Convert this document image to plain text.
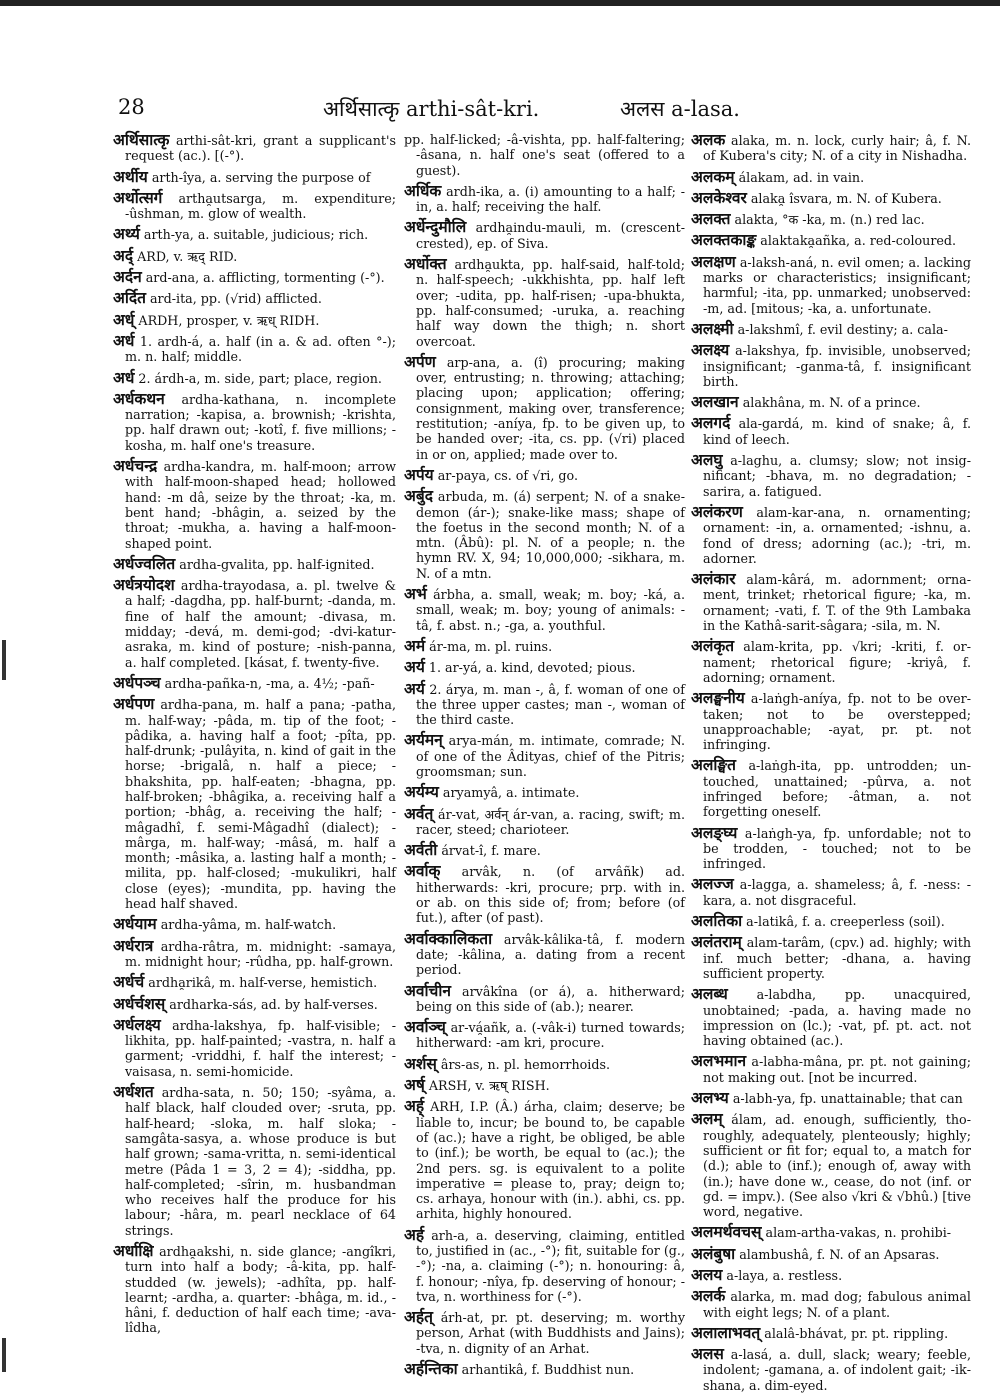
28	अर्थिसात्कृ arthi-sât-kri.	अलस a-lasa.

अर्थिसात्कृ arthi-sât-kri, grant a supplicant's request (ac.). [(-°).

अर्थीय arth-îya, a. serving the purpose of

अर्थोत्सर्ग artha̯utsarga, m. expenditure; -ûshman, m. glow of wealth.

अर्थ्य arth-ya, a. suitable, judicious; rich.

अर्द् ARD, v. ऋद् RID.

अर्दन ard-ana, a. afflicting, tormenting (-°).

अर्दित ard-ita, pp. (√rid) afflicted.

अर्ध् ARDH, prosper, v. ऋध् RIDH.

अर्ध 1. ardh-á, a. half (in a. & ad. often °-); m. n. half; middle.

अर्ध 2. árdh-a, m. side, part; place, region.

अर्धकथन ardha-kathana, n. incomplete narration; -kapisa, a. brownish; -krishta, pp. half drawn out; -kotî, f. five millions; -kosha, m. half one's treasure.

अर्धचन्द्र ardha-kandra, m. half-moon; arrow with half-moon-shaped head; hollowed hand: -m dâ, seize by the throat; -ka, m. bent hand; -bhâgin, a. seized by the throat; -mukha, a. having a half-moon-shaped point.

अर्धज्वलित ardha-gvalita, pp. half-ignited.

अर्धत्रयोदश ardha-trayodasa, a. pl. twelve & a half; -dagdha, pp. half-burnt; -danda, m. fine of half the amount; -divasa, m. midday; -devá, m. demi-god; -dvi-katur-asraka, m. kind of posture; -nish-panna, a. half completed. [kásat, f. twenty-five.

अर्धपञ्च ardha-pañka-n, -ma, a. 4½; -pañ-

अर्धपण ardha-pana, m. half a pana; -patha, m. half-way; -pâda, m. tip of the foot; -pâdika, a. having half a foot; -pîta, pp. half-drunk; -pulâyita, n. kind of gait in the horse; -brigalâ, n. half a piece; -bhakshita, pp. half-eaten; -bhagna, pp. half-broken; -bhâgika, a. receiving half a portion; -bhâg, a. receiving the half; -mâgadhî, f. semi-Mâgadhî (dialect); -mârga, m. half-way; -mâsá, m. half a month; -mâsika, a. lasting half a month; -milita, pp. half-closed; -mukulikri, half close (eyes); -mundita, pp. having the head half shaved.

अर्धयाम ardha-yâma, m. half-watch.

अर्धरात्र ardha-râtra, m. midnight: -samaya, m. midnight hour; -rûdha, pp. half-grown.

अर्धर्च ardha̯rikâ, m. half-verse, hemistich.

अर्धर्चशस् ardharka-sás, ad. by half-verses.

अर्धलक्ष्य ardha-lakshya, fp. half-visible; -likhita, pp. half-painted; -vastra, n. half a garment; -vriddhi, f. half the interest; -vaisasa, n. semi-homicide.

अर्धशत ardha-sata, n. 50; 150; -syâma, a. half black, half clouded over; -sruta, pp. half-heard; -sloka, m. half sloka; -samgâta-sasya, a. whose produce is but half grown; -sama-vritta, n. semi-identical metre (Pâda 1 = 3, 2 = 4); -siddha, pp. half-completed; -sîrin, m. husbandman who receives half the produce for his labour; -hâra, m. pearl necklace of 64 strings.

अर्धाक्षि ardha̯akshi, n. side glance; -angîkri, turn into half a body; -â-kita, pp. half-studded (w. jewels); -adhîta, pp. half-learnt; -ardha, a. quarter: -bhâga, m. id., -hâni, f. deduction of half each time; -ava-lîdha,

pp. half-licked; -â-vishta, pp. half-faltering; -âsana, n. half one's seat (offered to a guest).

अर्धिक ardh-ika, a. (i) amounting to a half; -in, a. half; receiving the half.

अर्धेन्दुमौलि ardha̯indu-mauli, m. (crescent-crested), ep. of Siva.

अर्धोक्त ardha̯ukta, pp. half-said, half-told; n. half-speech; -ukkhishta, pp. half left over; -udita, pp. half-risen; -upa-bhukta, pp. half-consumed; -uruka, a. reaching half way down the thigh; n. short overcoat.

अर्पण arp-ana, a. (î) procuring; making over, entrusting; n. throwing; attaching; placing upon; application; offering; consignment, making over, transference; restitution; -aníya, fp. to be given up, to be handed over; -ita, cs. pp. (√ri) placed in or on, applied; made over to.

अर्पय ar-paya, cs. of √ri, go.

अर्बुद arbuda, m. (á) serpent; N. of a snake-demon (ár-); snake-like mass; shape of the foetus in the second month; N. of a mtn. (Âbû): pl. N. of a people; n. the hymn RV. X, 94; 10,000,000; -sikhara, m. N. of a mtn.

अर्भ árbha, a. small, weak; m. boy; -ká, a. small, weak; m. boy; young of animals: -tâ, f. abst. n.; -ga, a. youthful.

अर्म ár-ma, m. pl. ruins.

अर्य 1. ar-yá, a. kind, devoted; pious.

अर्य 2. árya, m. man -, â, f. woman of one of the three upper castes; man -, woman of the third caste.

अर्यमन् arya-mán, m. intimate, comrade; N. of one of the Âdityas, chief of the Pitris; groomsman; sun.

अर्यम्य aryamyâ, a. intimate.

अर्वत् ár-vat, अर्वन् ár-van, a. racing, swift; m. racer, steed; charioteer.

अर्वती árvat-î, f. mare.

अर्वाक् arvâk, n. (of arvâñk) ad. hitherwards: -kri, procure; prp. with in. or ab. on this side of; from; before (of fut.), after (of past).

अर्वाक्कालिकता arvâk-kâlika-tâ, f. modern date; -kâlina, a. dating from a recent period.

अर्वाचीन arvâkîna (or á), a. hitherward; being on this side of (ab.); nearer.

अर्वाञ्च् ar-vá̯añk, a. (-vâk-i) turned towards; hitherward: -am kri, procure.

अर्शस् ârs-as, n. pl. hemorrhoids.

अर्ष् ARSH, v. ऋष् RISH.

अर्ह् ARH, I.P. (Â.) árha, claim; deserve; be liable to, incur; be bound to, be capable of (ac.); have a right, be obliged, be able to (inf.); be worth, be equal to (ac.); the 2nd pers. sg. is equivalent to a polite imperative = please to, pray; deign to; cs. arhaya, honour with (in.). abhi, cs. pp. arhita, highly honoured.

अर्ह arh-a, a. deserving, claiming, entitled to, justified in (ac., -°); fit, suitable for (g., -°); -na, a. claiming (-°); n. honouring: â, f. honour; -nîya, fp. deserving of honour; -tva, n. worthiness for (-°).

अर्हत् árh-at, pr. pt. deserving; m. worthy person, Arhat (with Buddhists and Jains); -tva, n. dignity of an Arhat.

अर्हन्तिका arhantikâ, f. Buddhist nun.

अलक alaka, m. n. lock, curly hair; â, f. N. of Kubera's city; N. of a city in Nishadha.

अलकम् álakam, ad. in vain.

अलकेश्वर alaka̯ îsvara, m. N. of Kubera.

अलक्त alakta, °क -ka, m. (n.) red lac.

अलक्तकाङ्क alaktaka̯añka, a. red-coloured.

अलक्षण a-laksh-aná, n. evil omen; a. lacking marks or characteristics; insignificant; harmful; -ita, pp. unmarked; unobserved: -m, ad. [mitous; -ka, a. unfortunate.

अलक्ष्मी a-lakshmî, f. evil destiny; a. cala-

अलक्ष्य a-lakshya, fp. invisible, unobserved; insignificant; -ganma-tâ, f. insignificant birth.

अलखान alakhâna, m. N. of a prince.

अलगर्द ala-gardá, m. kind of snake; â, f. kind of leech.

अलघु a-laghu, a. clumsy; slow; not insignificant; -bhava, m. no degradation; -sarira, a. fatigued.

अलंकरण alam-kar-ana, n. ornamenting; ornament: -in, a. ornamented; -ishnu, a. fond of dress; adorning (ac.); -tri, m. adorner.

अलंकार alam-kârá, m. adornment; ornament, trinket; rhetorical figure; -ka, m. ornament; -vati, f. T. of the 9th Lambaka in the Kathâ-sarit-sâgara; -sila, m. N.

अलंकृत alam-krita, pp. √kri; -kriti, f. ornament; rhetorical figure; -kriyâ, f. adorning; ornament.

अलङ्घनीय a-laṅgh-aníya, fp. not to be overtaken; not to be overstepped; unapproachable; -ayat, pr. pt. not infringing.

अलङ्घित a-laṅgh-ita, pp. untrodden; untouched, unattained; -pûrva, a. not infringed before; -âtman, a. not forgetting oneself.

अलङ्घ्य a-laṅgh-ya, fp. unfordable; not to be trodden, - touched; not to be infringed.

अलज्ज a-lagga, a. shameless; â, f. -ness: -kara, a. not disgraceful.

अलतिका a-latikâ, f. a. creeperless (soil).

अलंतराम् alam-tarâm, (cpv.) ad. highly; with inf. much better; -dhana, a. having sufficient property.

अलब्ध a-labdha, pp. unacquired, unobtained; -pada, a. having made no impression on (lc.); -vat, pf. pt. act. not having obtained (ac.).

अलभमान a-labha-mâna, pr. pt. not gaining; not making out. [not be incurred.

अलभ्य a-labh-ya, fp. unattainable; that can

अलम् álam, ad. enough, sufficiently, thoroughly, adequately, plenteously; highly; sufficient or fit for; equal to, a match for (d.); able to (inf.); enough of, away with (in.); have done w., cease, do not (inf. or gd. = impv.). (See also √kri & √bhû.) [tive word, negative.

अलमर्थवचस् alam-artha-vakas, n. prohibi-

अलंबुषा alambushâ, f. N. of an Apsaras.

अलय a-laya, a. restless.

अलर्क alarka, m. mad dog; fabulous animal with eight legs; N. of a plant.

अलालाभवत् alalâ-bhávat, pr. pt. rippling.

अलस a-lasá, a. dull, slack; weary; feeble, indolent; -gamana, a. of indolent gait; -ikshana, a. dim-eyed.
